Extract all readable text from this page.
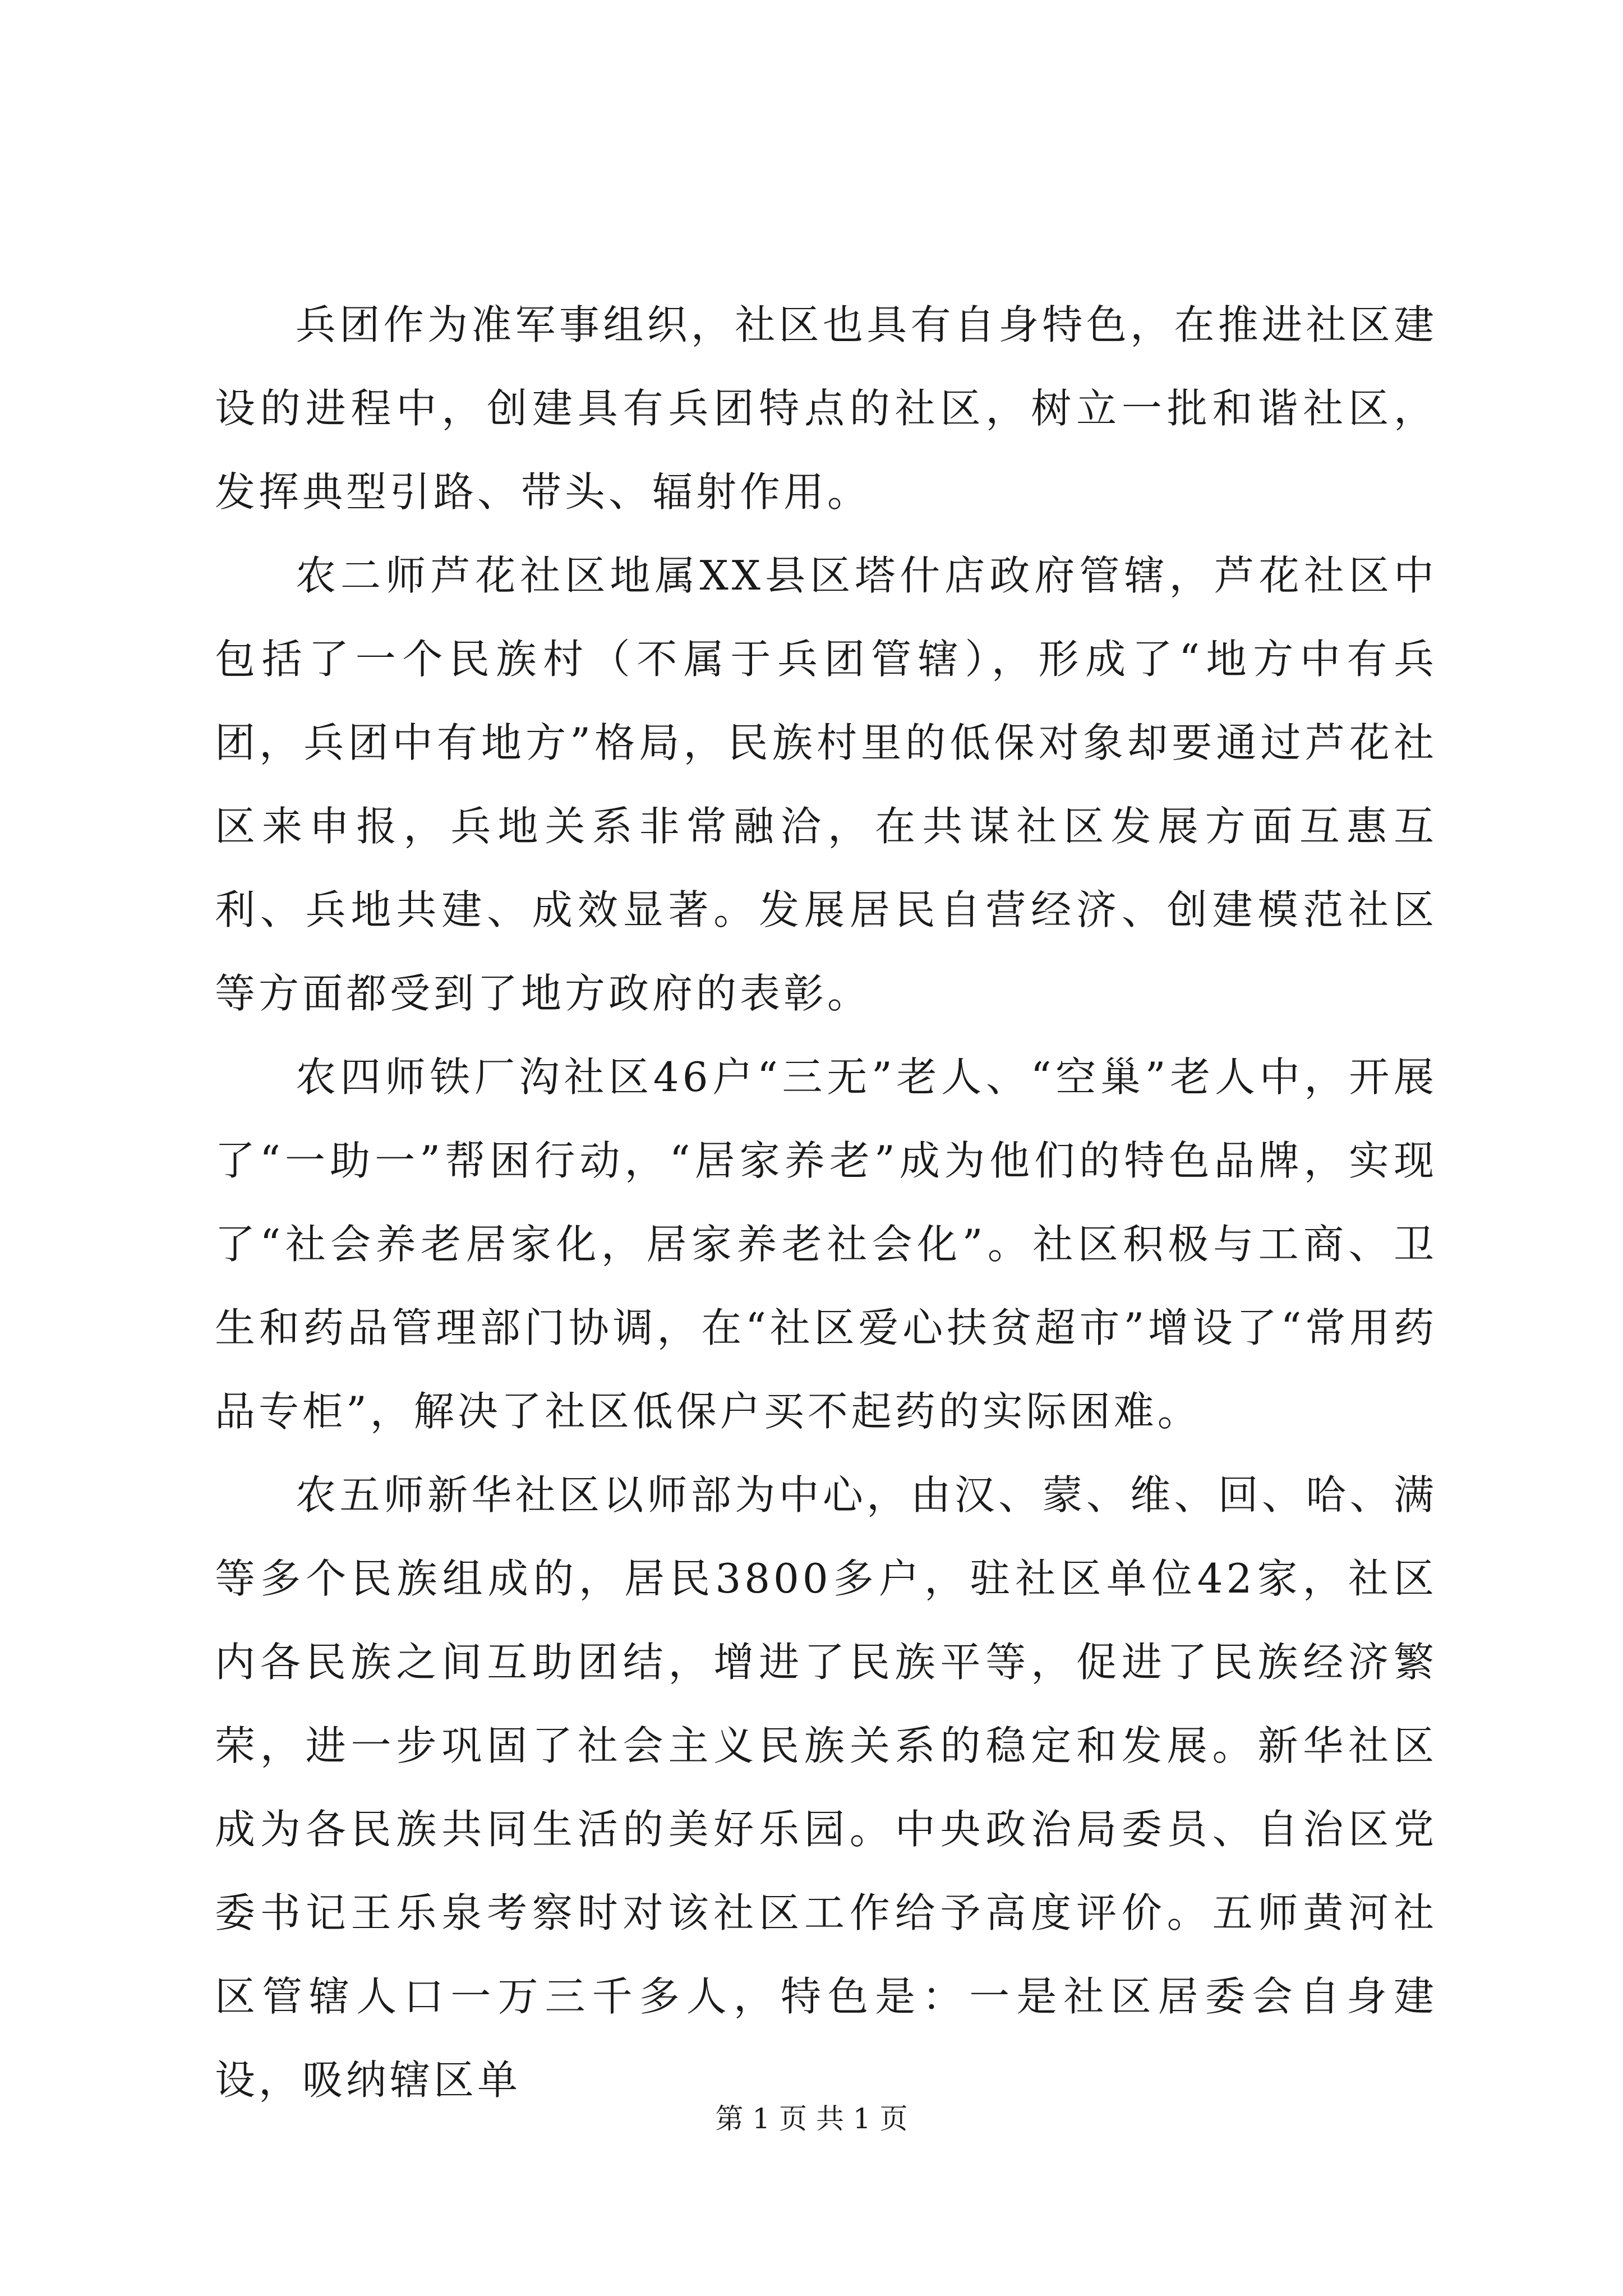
兵团作为准军事组织，社区也具有自身特色，在推进社区建设的进程中，创建具有兵团特点的社区，树立一批和谐社区，发挥典型引路、带头、辐射作用。

农二师芦花社区地属XX县区塔什店政府管辖，芦花社区中包括了一个民族村（不属于兵团管辖），形成了“地方中有兵团，兵团中有地方”格局，民族村里的低保对象却要通过芦花社区来申报，兵地关系非常融洽，在共谋社区发展方面互惠互利、兵地共建、成效显著。发展居民自营经济、创建模范社区等方面都受到了地方政府的表彰。

农四师铁厂沟社区46户“三无”老人、“空巢”老人中，开展了“一助一”帮困行动，“居家养老”成为他们的特色品牌，实现了“社会养老居家化，居家养老社会化”。社区积极与工商、卫生和药品管理部门协调，在“社区爱心扶贫超市”增设了“常用药品专柜”，解决了社区低保户买不起药的实际困难。

农五师新华社区以师部为中心，由汉、蒙、维、回、哈、满等多个民族组成的，居民3800多户，驻社区单位42家，社区内各民族之间互助团结，增进了民族平等，促进了民族经济繁荣，进一步巩固了社会主义民族关系的稳定和发展。新华社区成为各民族共同生活的美好乐园。中央政治局委员、自治区党委书记王乐泉考察时对该社区工作给予高度评价。五师黄河社区管辖人口一万三千多人，特色是：一是社区居委会自身建设，吸纳辖区单

第 1 页 共 1 页
